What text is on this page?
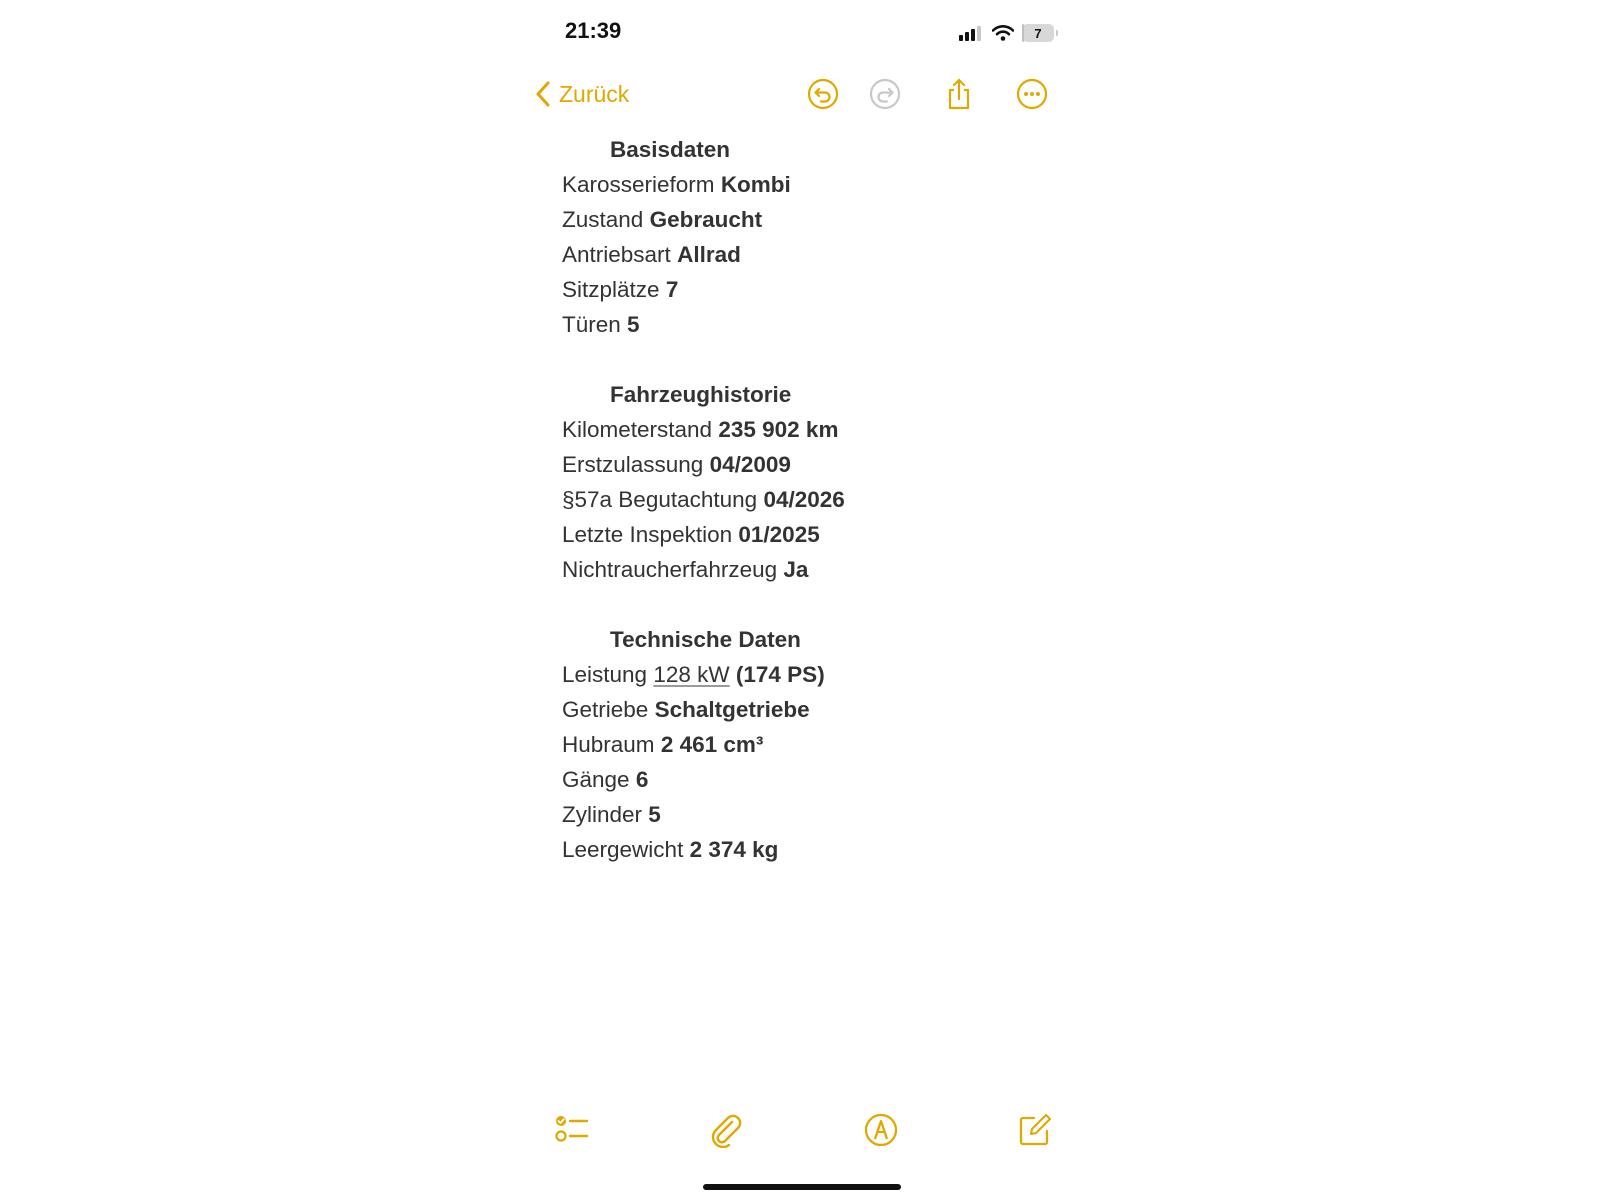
21:39	7
Zurück
Basisdaten
Karosserieform Kombi
Zustand Gebraucht
Antriebsart Allrad
Sitzplätze 7
Türen 5
Fahrzeughistorie
Kilometerstand 235 902 km
Erstzulassung 04/2009
§57a Begutachtung 04/2026
Letzte Inspektion 01/2025
Nichtraucherfahrzeug Ja
Technische Daten
Leistung 128 kW (174 PS)
Getriebe Schaltgetriebe
Hubraum 2 461 cm³
Gänge 6
Zylinder 5
Leergewicht 2 374 kg
